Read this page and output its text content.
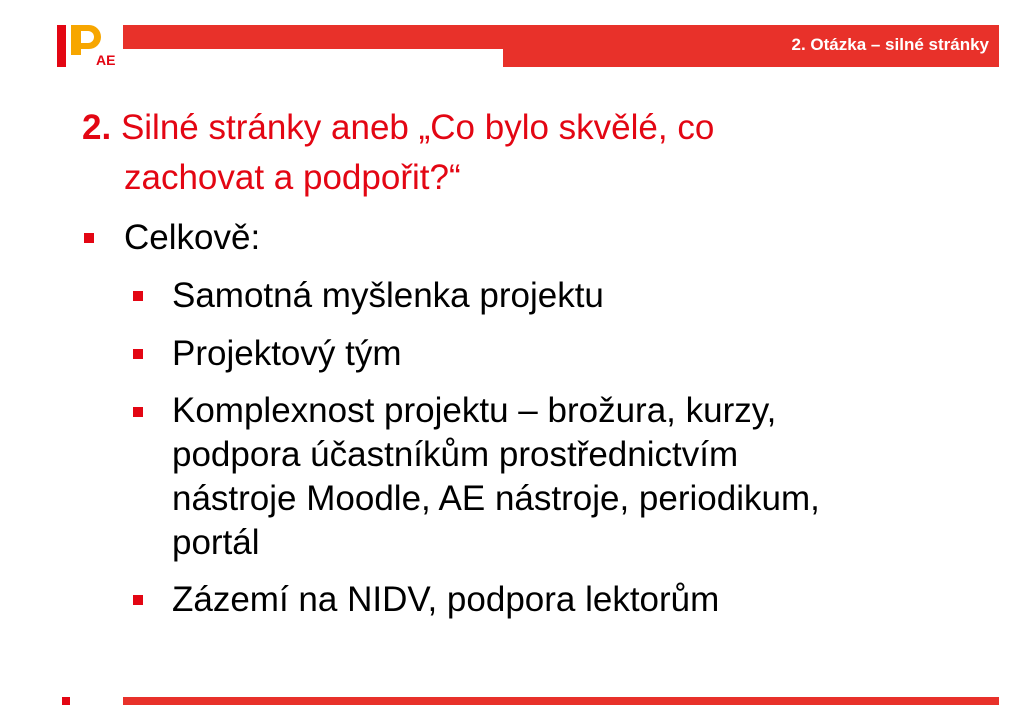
AE
2. Otázka – silné stránky
2. Silné stránky aneb „Co bylo skvělé, co
zachovat a podpořit?“
Celkově:
Samotná myšlenka projektu
Projektový tým
Komplexnost projektu – brožura, kurzy, podpora účastníkům prostřednictvím nástroje Moodle, AE nástroje, periodikum, portál
Zázemí na NIDV, podpora lektorům
